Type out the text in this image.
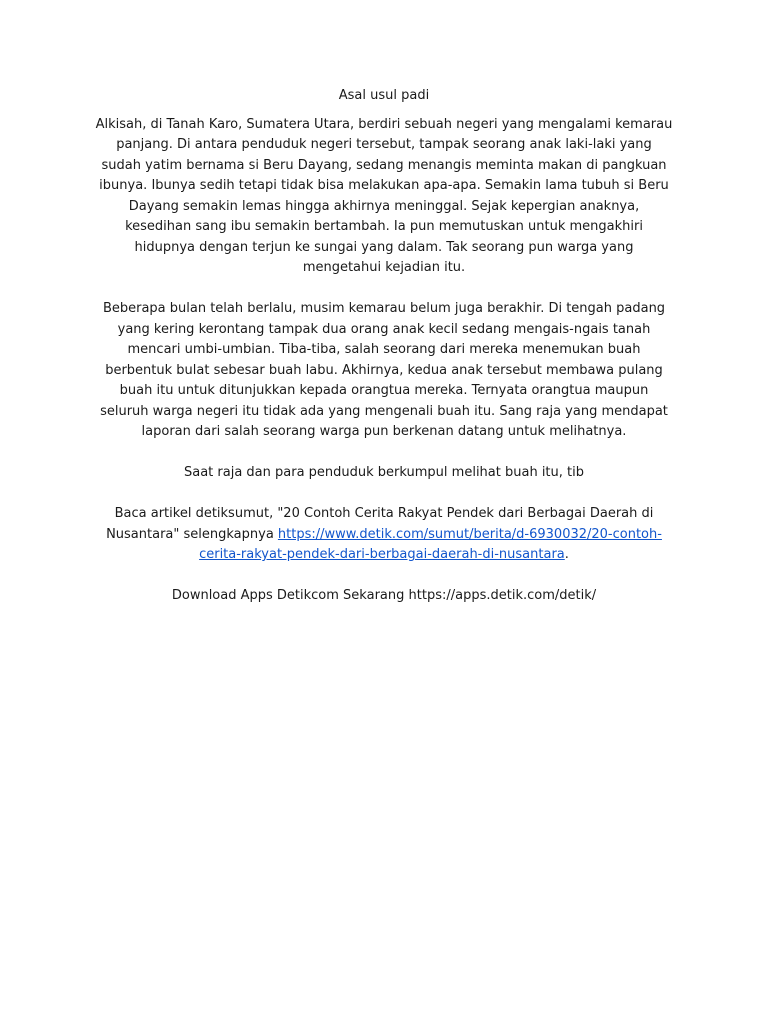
Asal usul padi

Alkisah, di Tanah Karo, Sumatera Utara, berdiri sebuah negeri yang mengalami kemarau panjang. Di antara penduduk negeri tersebut, tampak seorang anak laki-laki yang sudah yatim bernama si Beru Dayang, sedang menangis meminta makan di pangkuan ibunya. Ibunya sedih tetapi tidak bisa melakukan apa-apa. Semakin lama tubuh si Beru Dayang semakin lemas hingga akhirnya meninggal. Sejak kepergian anaknya, kesedihan sang ibu semakin bertambah. Ia pun memutuskan untuk mengakhiri hidupnya dengan terjun ke sungai yang dalam. Tak seorang pun warga yang mengetahui kejadian itu.

Beberapa bulan telah berlalu, musim kemarau belum juga berakhir. Di tengah padang yang kering kerontang tampak dua orang anak kecil sedang mengais-ngais tanah mencari umbi-umbian. Tiba-tiba, salah seorang dari mereka menemukan buah berbentuk bulat sebesar buah labu. Akhirnya, kedua anak tersebut membawa pulang buah itu untuk ditunjukkan kepada orangtua mereka. Ternyata orangtua maupun seluruh warga negeri itu tidak ada yang mengenali buah itu. Sang raja yang mendapat laporan dari salah seorang warga pun berkenan datang untuk melihatnya.

Saat raja dan para penduduk berkumpul melihat buah itu, tib

Baca artikel detiksumut, "20 Contoh Cerita Rakyat Pendek dari Berbagai Daerah di Nusantara" selengkapnya https://www.detik.com/sumut/berita/d-6930032/20-contoh-cerita-rakyat-pendek-dari-berbagai-daerah-di-nusantara.

Download Apps Detikcom Sekarang https://apps.detik.com/detik/
